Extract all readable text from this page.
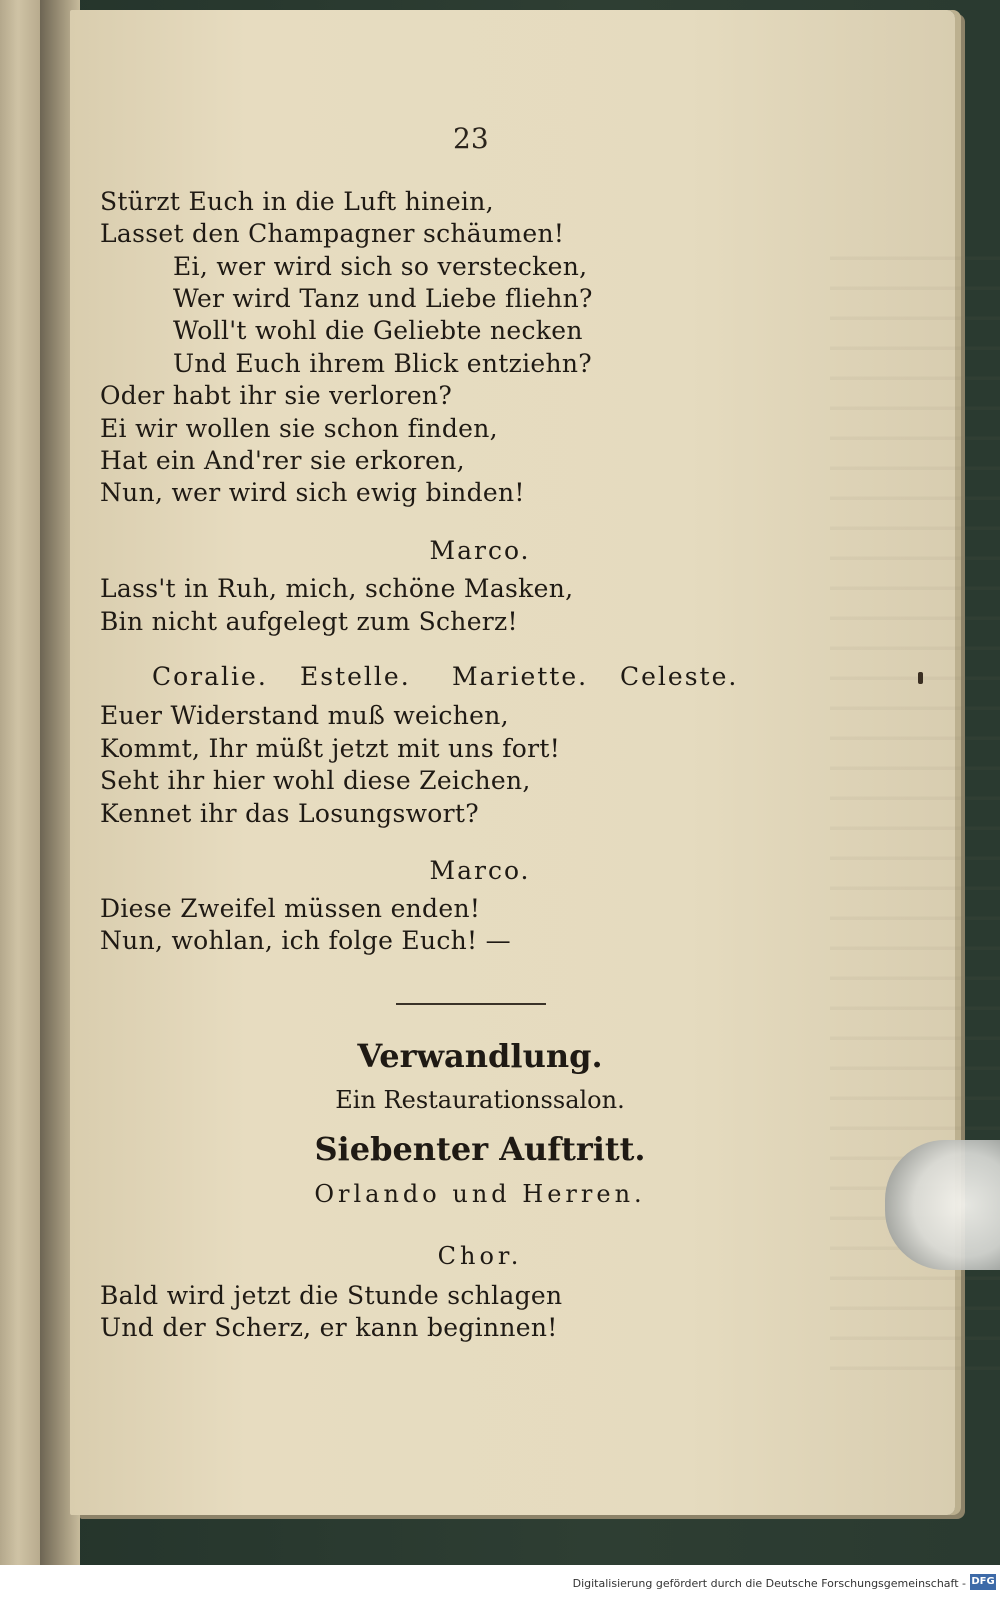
23
Stürzt Euch in die Luft hinein,
Lasset den Champagner schäumen!
Ei, wer wird sich so verstecken,
Wer wird Tanz und Liebe fliehn?
Woll't wohl die Geliebte necken
Und Euch ihrem Blick entziehn?
Oder habt ihr sie verloren?
Ei wir wollen sie schon finden,
Hat ein And'rer sie erkoren,
Nun, wer wird sich ewig binden!
Marco.
Lass't in Ruh, mich, schöne Masken,
Bin nicht aufgelegt zum Scherz!
Coralie. Estelle. Mariette. Celeste.
Euer Widerstand muß weichen,
Kommt, Ihr müßt jetzt mit uns fort!
Seht ihr hier wohl diese Zeichen,
Kennet ihr das Losungswort?
Marco.
Diese Zweifel müssen enden!
Nun, wohlan, ich folge Euch! —
Verwandlung.
Ein Restaurationssalon.
Siebenter Auftritt.
Orlando und Herren.
Chor.
Bald wird jetzt die Stunde schlagen
Und der Scherz, er kann beginnen!
Digitalisierung gefördert durch die Deutsche Forschungsgemeinschaft - DFG
